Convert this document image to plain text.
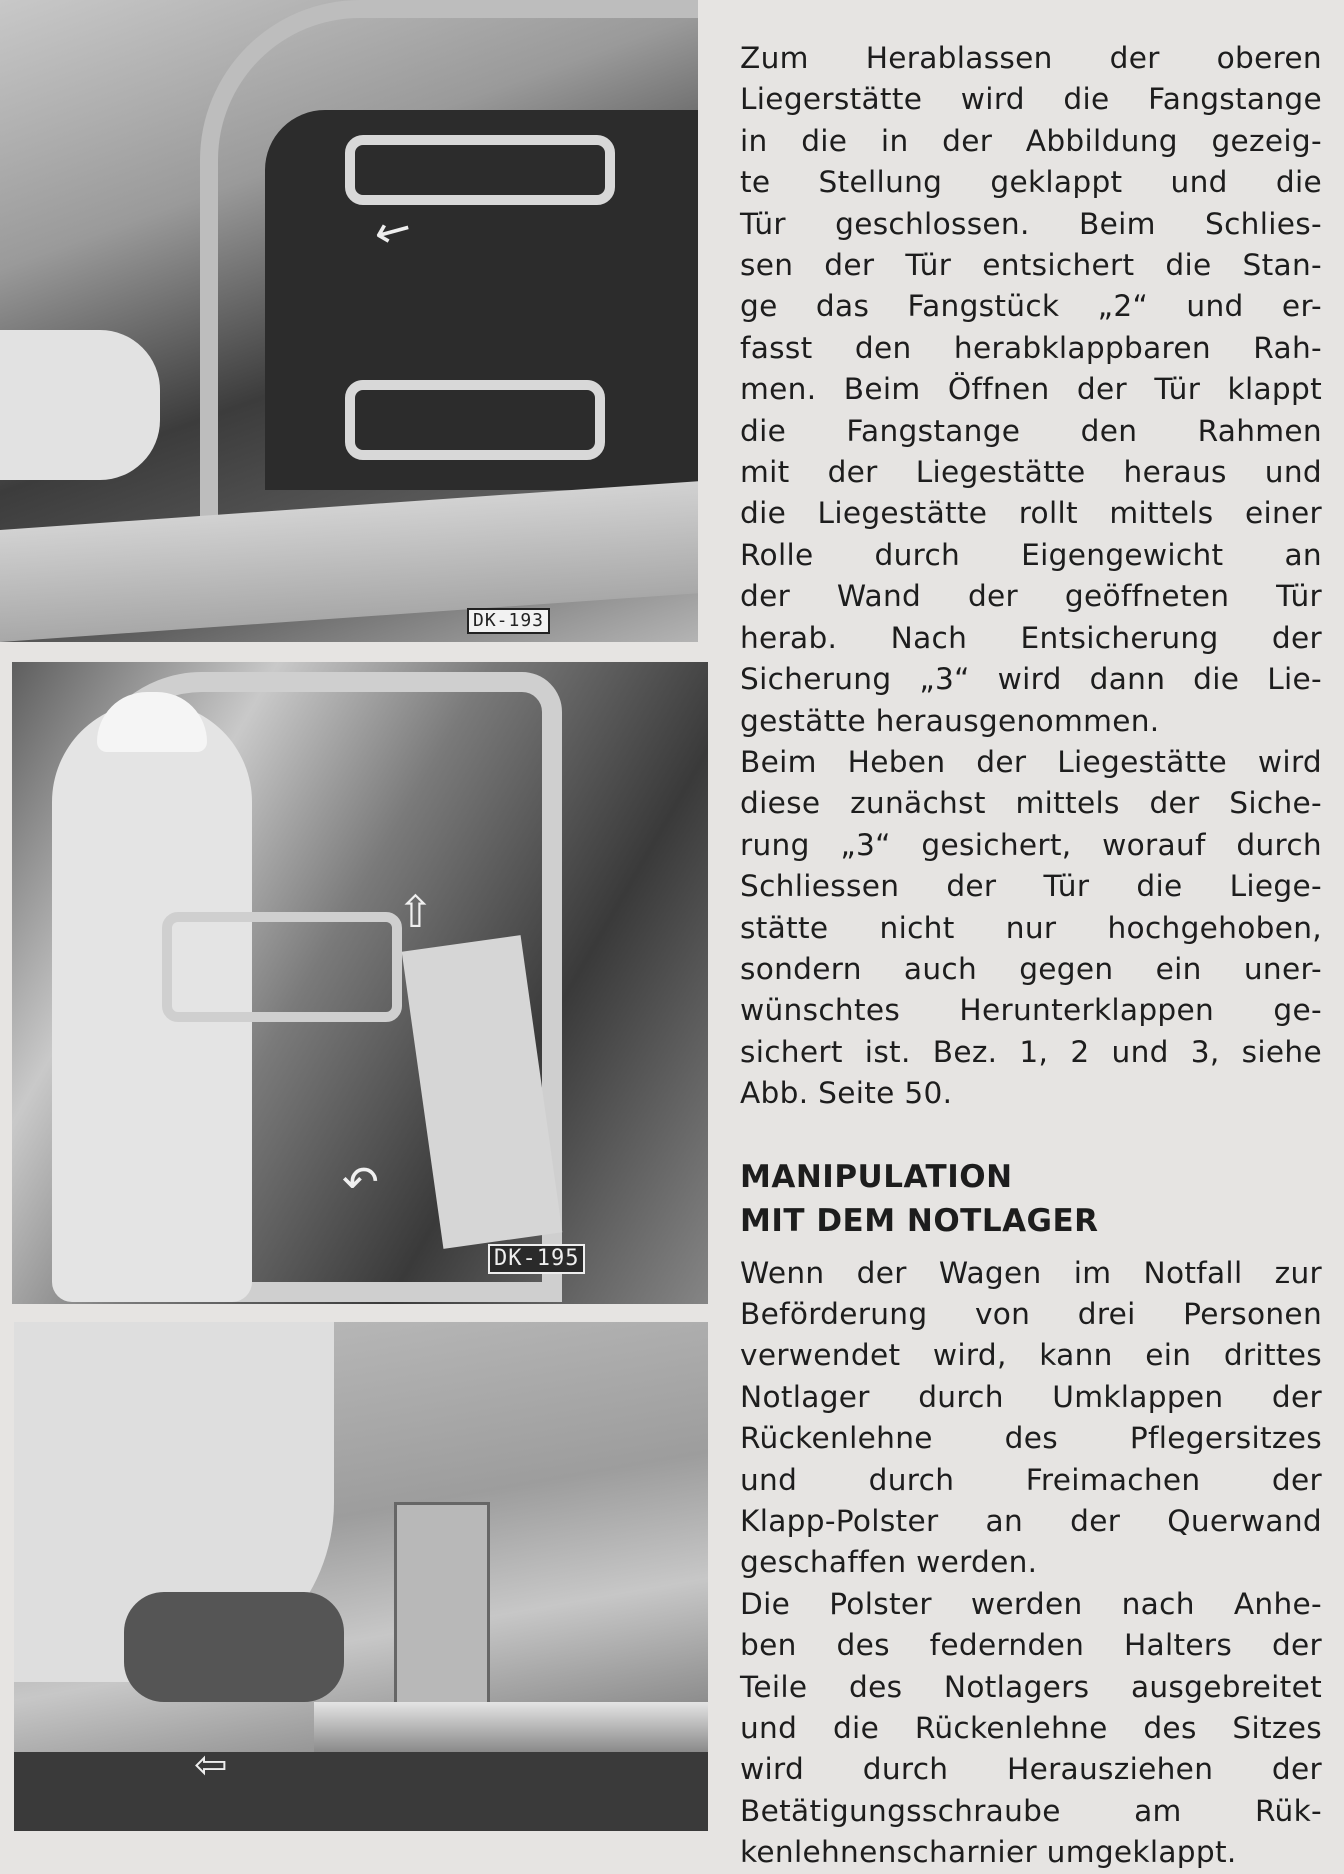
↙
DK-193
⇧
↶
DK-195
⇦
Zum Herablassen der oberen
Liegerstätte wird die Fangstange
in die in der Abbildung gezeig-
te Stellung geklappt und die
Tür geschlossen. Beim Schlies-
sen der Tür entsichert die Stan-
ge das Fangstück „2“ und er-
fasst den herabklappbaren Rah-
men. Beim Öffnen der Tür klappt
die Fangstange den Rahmen
mit der Liegestätte heraus und
die Liegestätte rollt mittels einer
Rolle durch Eigengewicht an
der Wand der geöffneten Tür
herab. Nach Entsicherung der
Sicherung „3“ wird dann die Lie-
gestätte herausgenommen.
Beim Heben der Liegestätte wird
diese zunächst mittels der Siche-
rung „3“ gesichert, worauf durch
Schliessen der Tür die Liege-
stätte nicht nur hochgehoben,
sondern auch gegen ein uner-
wünschtes Herunterklappen ge-
sichert ist. Bez. 1, 2 und 3, siehe
Abb. Seite 50.
MANIPULATION
MIT DEM NOTLAGER
Wenn der Wagen im Notfall zur
Beförderung von drei Personen
verwendet wird, kann ein drittes
Notlager durch Umklappen der
Rückenlehne des Pflegersitzes
und durch Freimachen der
Klapp-Polster an der Querwand
geschaffen werden.
Die Polster werden nach Anhe-
ben des federnden Halters der
Teile des Notlagers ausgebreitet
und die Rückenlehne des Sitzes
wird durch Herausziehen der
Betätigungsschraube am Rük-
kenlehnenscharnier umgeklappt.
